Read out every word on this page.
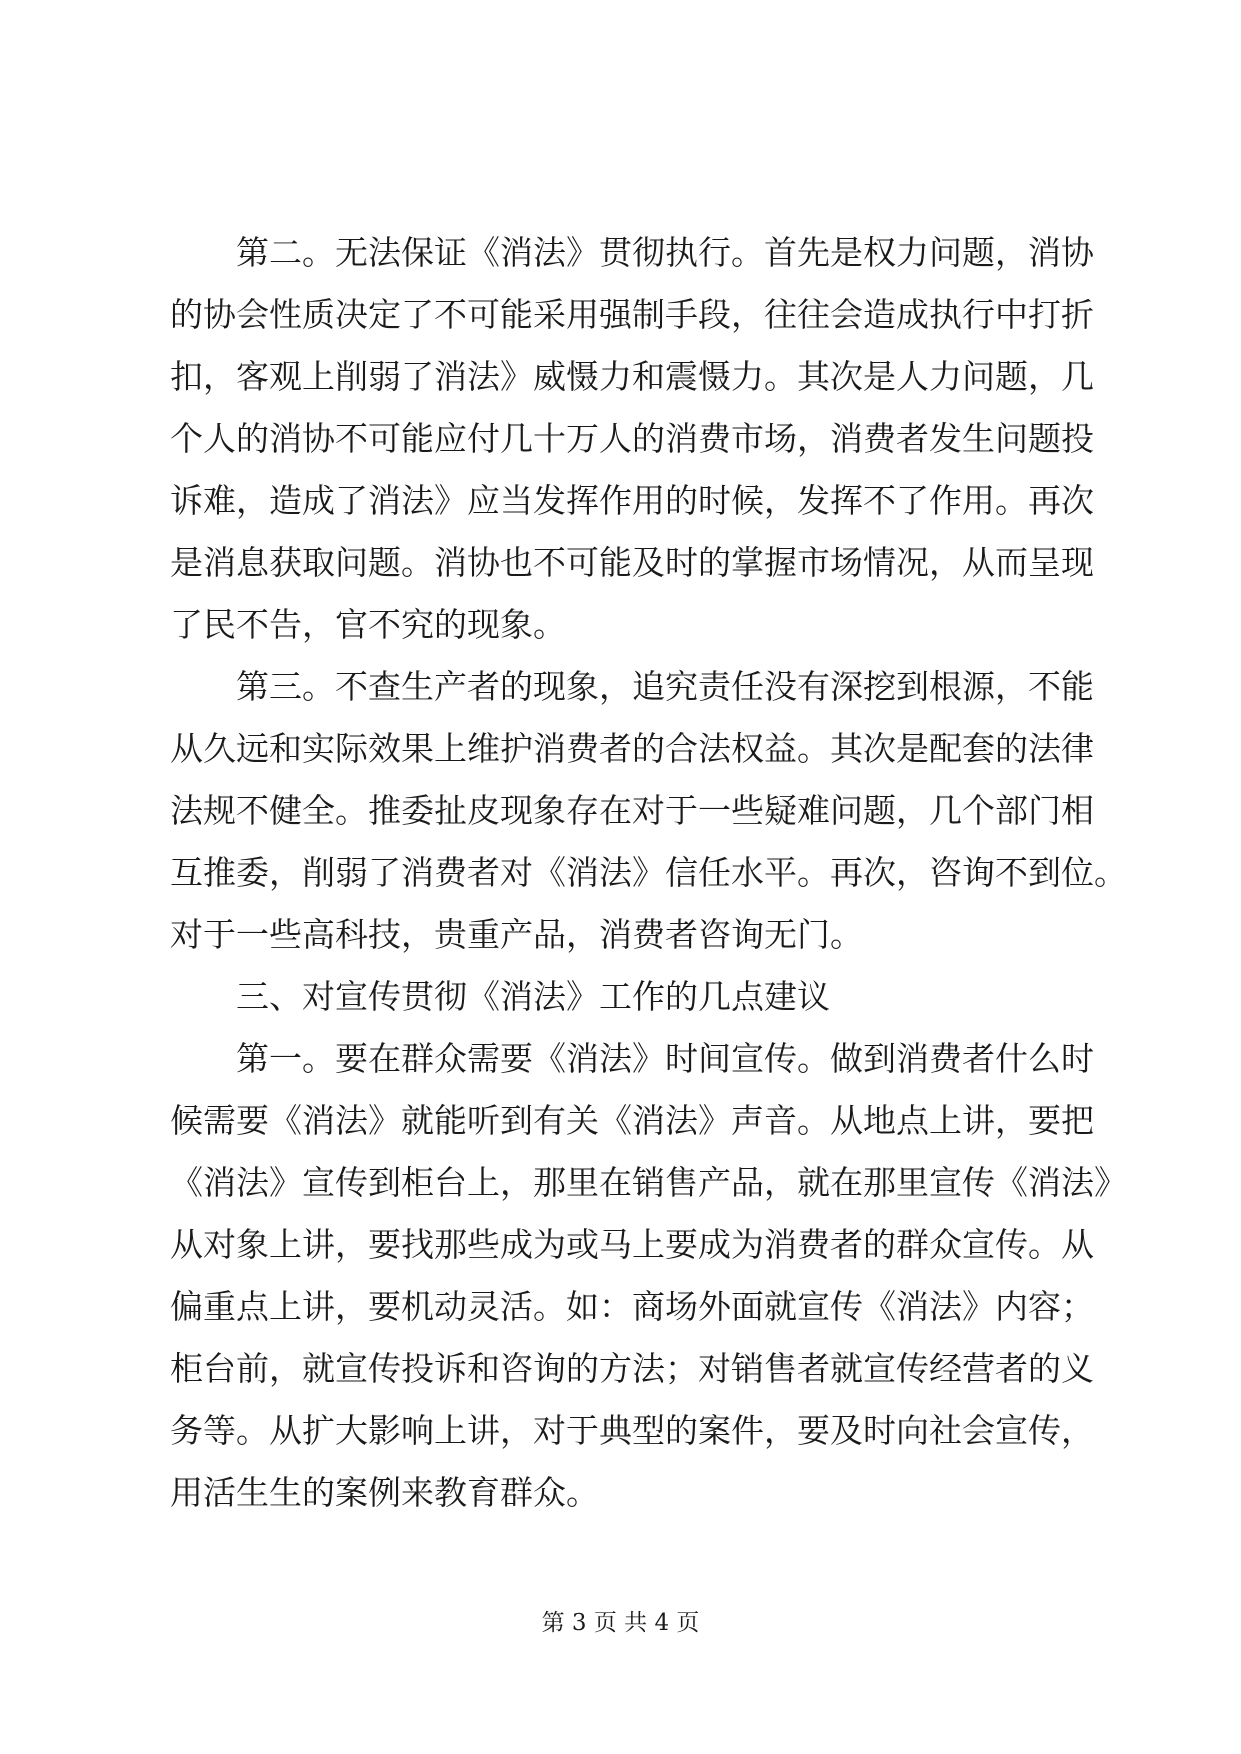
第二。无法保证《消法》贯彻执行。首先是权力问题，消协
的协会性质决定了不可能采用强制手段，往往会造成执行中打折
扣，客观上削弱了消法》威慑力和震慑力。其次是人力问题，几
个人的消协不可能应付几十万人的消费市场，消费者发生问题投
诉难，造成了消法》应当发挥作用的时候，发挥不了作用。再次
是消息获取问题。消协也不可能及时的掌握市场情况，从而呈现
了民不告，官不究的现象。
第三。不查生产者的现象，追究责任没有深挖到根源，不能
从久远和实际效果上维护消费者的合法权益。其次是配套的法律
法规不健全。推委扯皮现象存在对于一些疑难问题，几个部门相
互推委，削弱了消费者对《消法》信任水平。再次，咨询不到位。
对于一些高科技，贵重产品，消费者咨询无门。
三、对宣传贯彻《消法》工作的几点建议
第一。要在群众需要《消法》时间宣传。做到消费者什么时
候需要《消法》就能听到有关《消法》声音。从地点上讲，要把
《消法》宣传到柜台上，那里在销售产品，就在那里宣传《消法》
从对象上讲，要找那些成为或马上要成为消费者的群众宣传。从
偏重点上讲，要机动灵活。如：商场外面就宣传《消法》内容；
柜台前，就宣传投诉和咨询的方法；对销售者就宣传经营者的义
务等。从扩大影响上讲，对于典型的案件，要及时向社会宣传，
用活生生的案例来教育群众。
第 3 页 共 4 页
